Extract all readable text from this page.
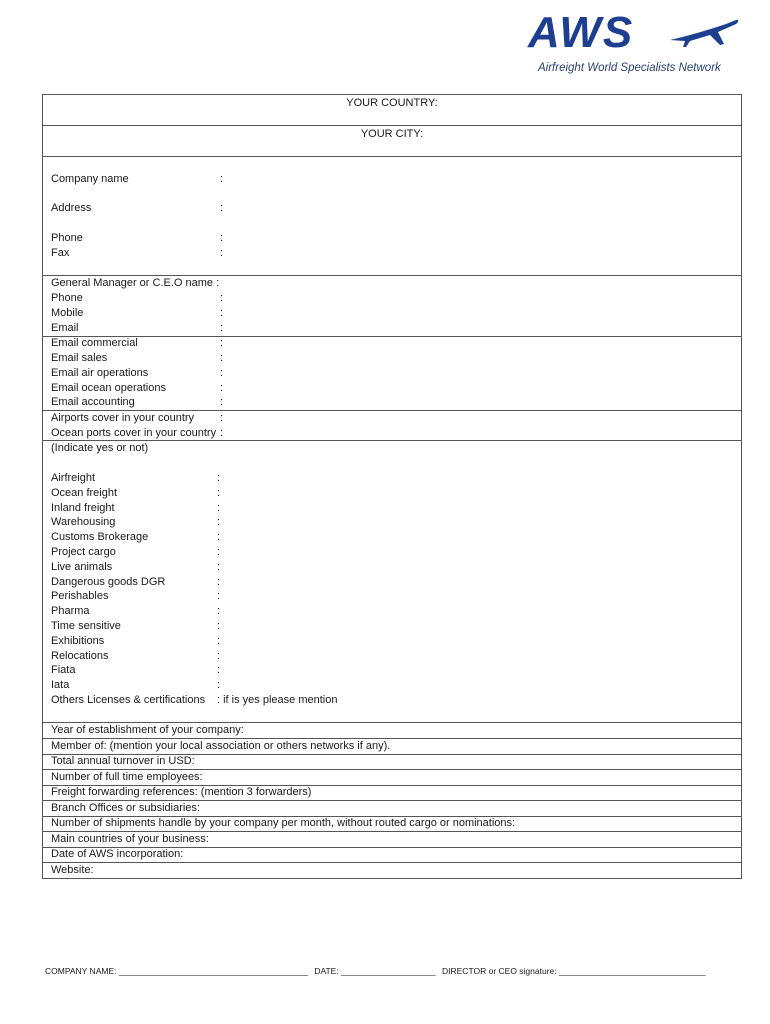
AWS
Airfreight World Specialists Network
YOUR COUNTRY:
YOUR CITY:
Company name	:
Address	:
Phone	:
Fax	:
General Manager or C.E.O name :
Phone	:
Mobile	:
Email	:
Email commercial	:
Email sales	:
Email air operations	:
Email ocean operations	:
Email accounting	:
Airports cover in your country :
Ocean ports cover in your country :
(Indicate yes or not)
Airfreight	:
Ocean freight	:
Inland freight	:
Warehousing	:
Customs Brokerage	:
Project cargo	:
Live animals	:
Dangerous goods DGR	:
Perishables	:
Pharma	:
Time sensitive	:
Exhibitions	:
Relocations	:
Fiata	:
Iata	:
Others Licenses & certifications : if is yes please mention
Year of establishment of your company:
Member of: (mention your local association or others networks if any).
Total annual turnover in USD:
Number of full time employees:
Freight forwarding references: (mention 3 forwarders)
Branch Offices or subsidiaries:
Number of shipments handle by your company per month, without routed cargo or nominations:
Main countries of your business:
Date of AWS incorporation:
Website:
COMPANY NAME: ________________________________________ DATE: ____________________ DIRECTOR or CEO signature: _______________________________
